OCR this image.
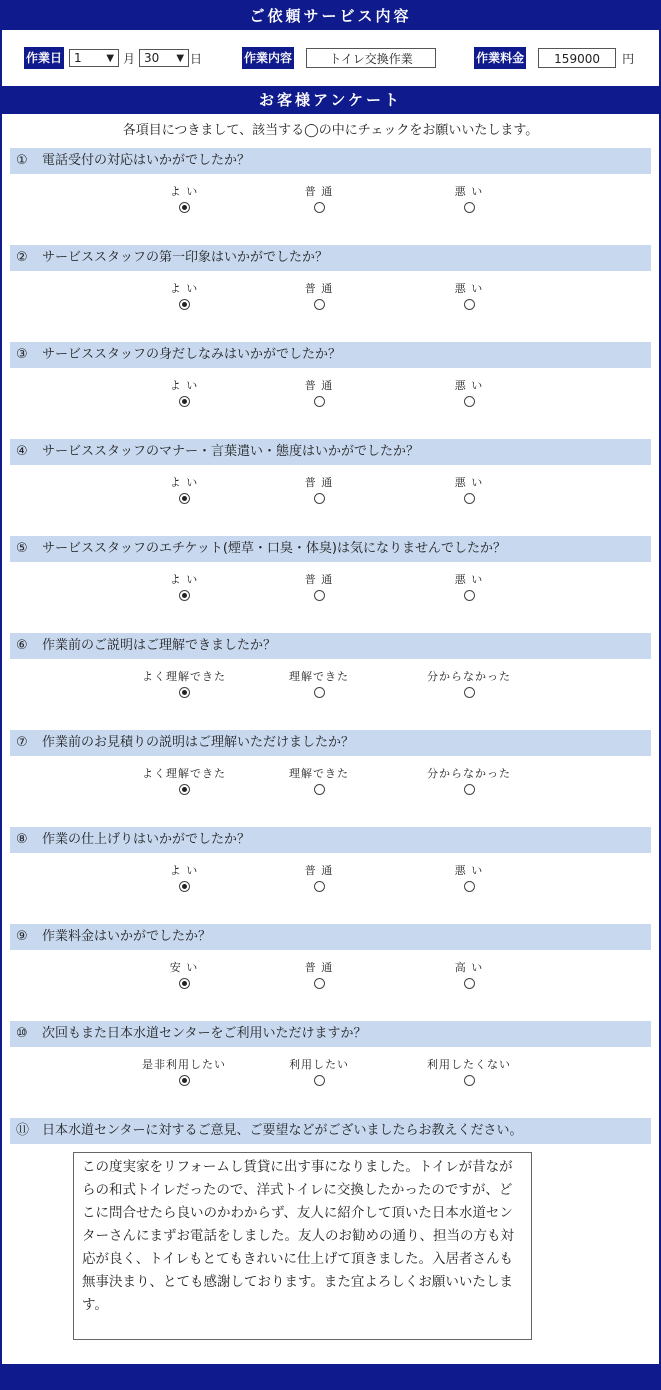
ご依頼サービス内容
作業日 1 ▼ 月 30 ▼ 日	作業内容	トイレ交換作業	作業料金	159000	円
お客様アンケート
各項目につきまして、該当する◯の中にチェックをお願いいたします。
① 電話受付の対応はいかがでしたか？
よ い	普 通	悪 い
② サービススタッフの第一印象はいかがでしたか？
よ い	普 通	悪 い
③ サービススタッフの身だしなみはいかがでしたか？
よ い	普 通	悪 い
④ サービススタッフのマナー・言葉遣い・態度はいかがでしたか？
よ い	普 通	悪 い
⑤ サービススタッフのエチケット(煙草・口臭・体臭)は気になりませんでしたか？
よ い	普 通	悪 い
⑥ 作業前のご説明はご理解できましたか？
よく理解できた	理解できた	分からなかった
⑦ 作業前のお見積りの説明はご理解いただけましたか？
よく理解できた	理解できた	分からなかった
⑧ 作業の仕上げりはいかがでしたか？
よ い	普 通	悪 い
⑨ 作業料金はいかがでしたか？
安 い	普 通	高 い
⑩ 次回もまた日本水道センターをご利用いただけますか？
是非利用したい	利用したい	利用したくない
⑪ 日本水道センターに対するご意見、ご要望などがございましたらお教えください。
この度実家をリフォームし賃貸に出す事になりました。トイレが昔ながらの和式トイレだったので、洋式トイレに交換したかったのですが、どこに問合せたら良いのかわからず、友人に紹介して頂いた日本水道センターさんにまずお電話をしました。友人のお勧めの通り、担当の方も対応が良く、トイレもとてもきれいに仕上げて頂きました。入居者さんも無事決まり、とても感謝しております。また宜よろしくお願いいたします。
